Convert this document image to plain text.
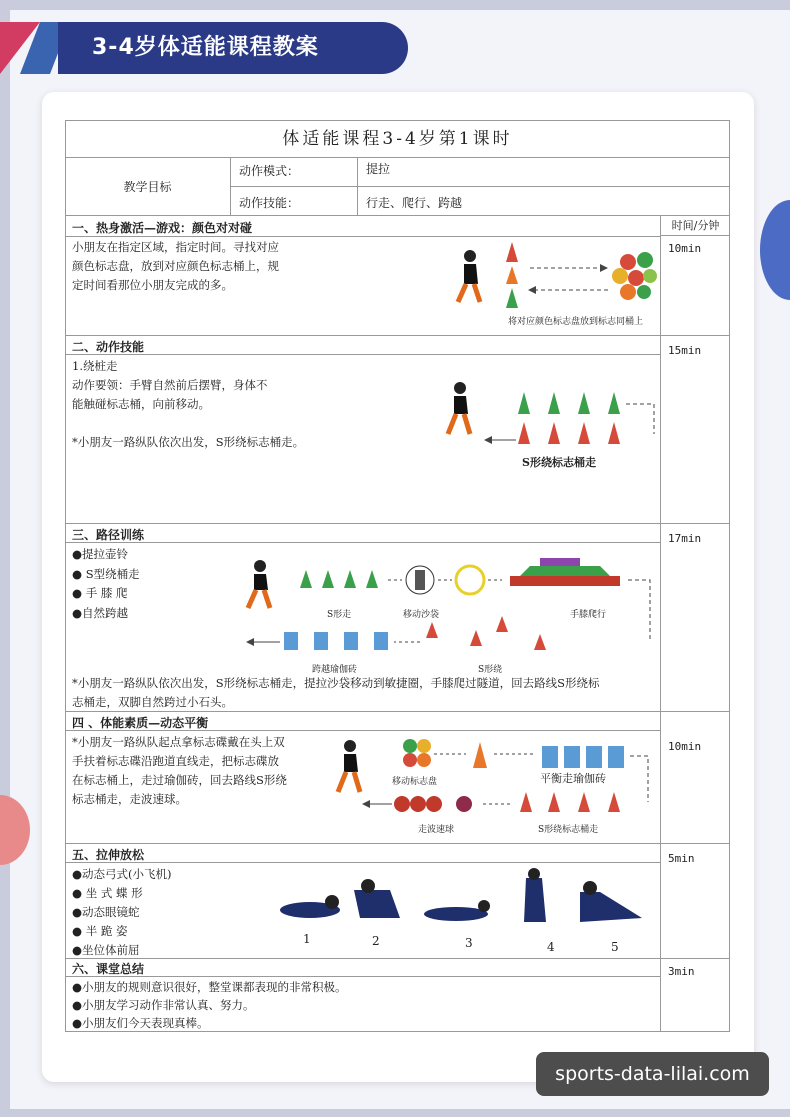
3-4岁体适能课程教案
体适能课程3-4岁第1课时
教学目标
动作模式：	提拉
动作技能：	行走、爬行、跨越
时间/分钟
一、热身激活—游戏：颜色对对碰
小朋友在指定区域，指定时间。寻找对应
颜色标志盘，放到对应颜色标志桶上，规
定时间看那位小朋友完成的多。
10min
将对应颜色标志盘放到标志同桶上
二、动作技能
1.绕桩走
动作要领：手臂自然前后摆臂，身体不
能触碰标志桶，向前移动。
*小朋友一路纵队依次出发，S形绕标志桶走。
15min
S形绕标志桶走
三、路径训练
●提拉壶铃
● S型绕桶走
● 手 膝 爬
●自然跨越
17min
S形走	移动沙袋	手膝爬行
跨越瑜伽砖	S形绕
*小朋友一路纵队依次出发，S形绕标志桶走，提拉沙袋移动到敏捷圈，手膝爬过隧道，回去路线S形绕标
志桶走，双脚自然跨过小石头。
四 、体能素质—动态平衡
*小朋友一路纵队起点拿标志碟戴在头上双
手扶着标志碟沿跑道直线走，把标志碟放
在标志桶上，走过瑜伽砖，回去路线S形绕
标志桶走，走波速球。
10min
移动标志盘	平衡走瑜伽砖
走波速球	S形绕标志桶走
五、拉伸放松
●动态弓式(小飞机)
● 坐 式 蝶 形
●动态眼镜蛇
● 半 跪 姿
●坐位体前屈
5min
1	2	3	4	5
六、课堂总结
●小朋友的规则意识很好，整堂课都表现的非常积极。
●小朋友学习动作非常认真、努力。
●小朋友们今天表现真棒。
3min
sports-data-lilai.com
